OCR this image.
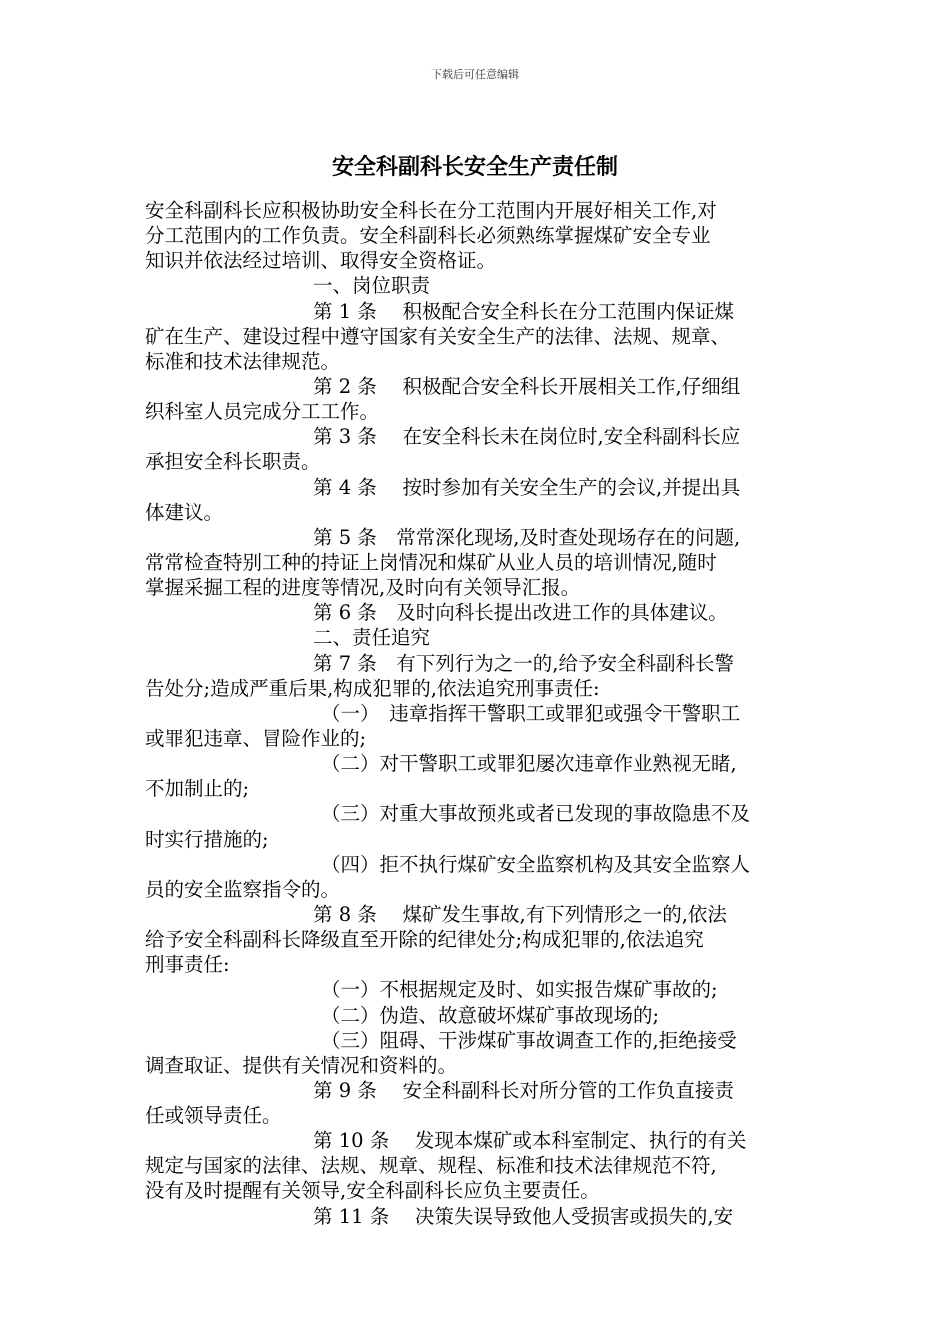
下载后可任意编辑
安全科副科长安全生产责任制
安全科副科长应积极协助安全科长在分工范围内开展好相关工作,对
分工范围内的工作负责。安全科副科长必须熟练掌握煤矿安全专业
知识并依法经过培训、取得安全资格证。
一、岗位职责
第 1 条　 积极配合安全科长在分工范围内保证煤
矿在生产、建设过程中遵守国家有关安全生产的法律、法规、规章、
标准和技术法律规范。
第 2 条　 积极配合安全科长开展相关工作,仔细组
织科室人员完成分工工作。
第 3 条　 在安全科长未在岗位时,安全科副科长应
承担安全科长职责。
第 4 条　 按时参加有关安全生产的会议,并提出具
体建议。
第 5 条　常常深化现场,及时查处现场存在的问题,
常常检查特别工种的持证上岗情况和煤矿从业人员的培训情况,随时
掌握采掘工程的进度等情况,及时向有关领导汇报。
第 6 条　及时向科长提出改进工作的具体建议。
二、责任追究
第 7 条　有下列行为之一的,给予安全科副科长警
告处分;造成严重后果,构成犯罪的,依法追究刑事责任:
（一）　违章指挥干警职工或罪犯或强令干警职工
或罪犯违章、冒险作业的;
（二）对干警职工或罪犯屡次违章作业熟视无睹,
不加制止的;
（三）对重大事故预兆或者已发现的事故隐患不及
时实行措施的;
（四）拒不执行煤矿安全监察机构及其安全监察人
员的安全监察指令的。
第 8 条　 煤矿发生事故,有下列情形之一的,依法
给予安全科副科长降级直至开除的纪律处分;构成犯罪的,依法追究
刑事责任:
（一）不根据规定及时、如实报告煤矿事故的;
（二）伪造、故意破坏煤矿事故现场的;
（三）阻碍、干涉煤矿事故调查工作的,拒绝接受
调查取证、提供有关情况和资料的。
第 9 条　 安全科副科长对所分管的工作负直接责
任或领导责任。
第 10 条　 发现本煤矿或本科室制定、执行的有关
规定与国家的法律、法规、规章、规程、标准和技术法律规范不符,
没有及时提醒有关领导,安全科副科长应负主要责任。
第 11 条　 决策失误导致他人受损害或损失的,安
